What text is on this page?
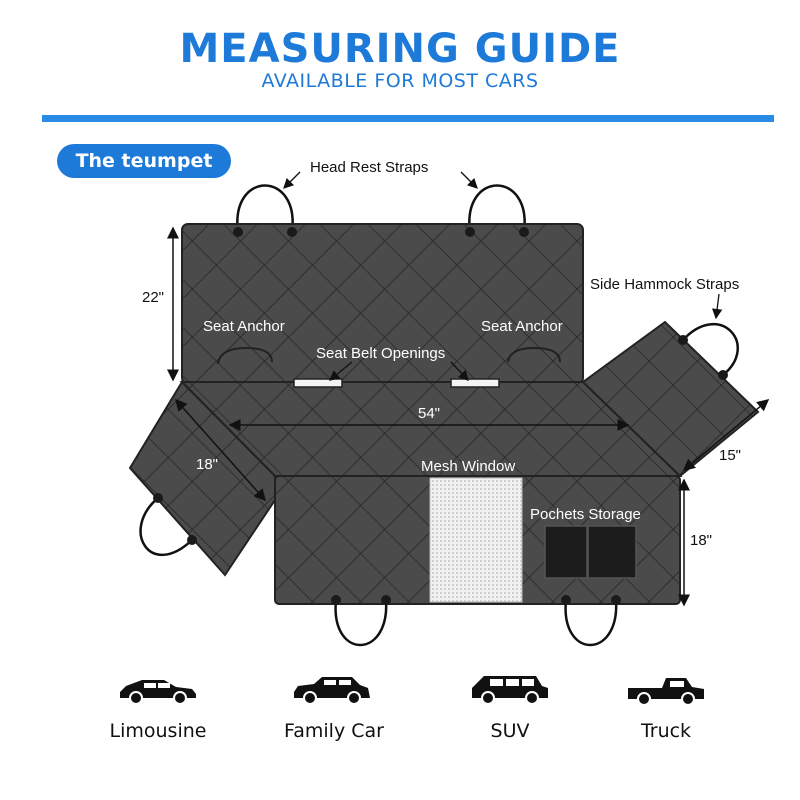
MEASURING GUIDE
AVAILABLE FOR MOST CARS
The teumpet	Head Rest Straps
Side Hammock Straps
Seat Anchor	Seat Anchor
Seat Belt Openings
Mesh Window
Pochets Storage
22"
54"
18"
15"
18"
Limousine	Family Car	SUV	Truck
